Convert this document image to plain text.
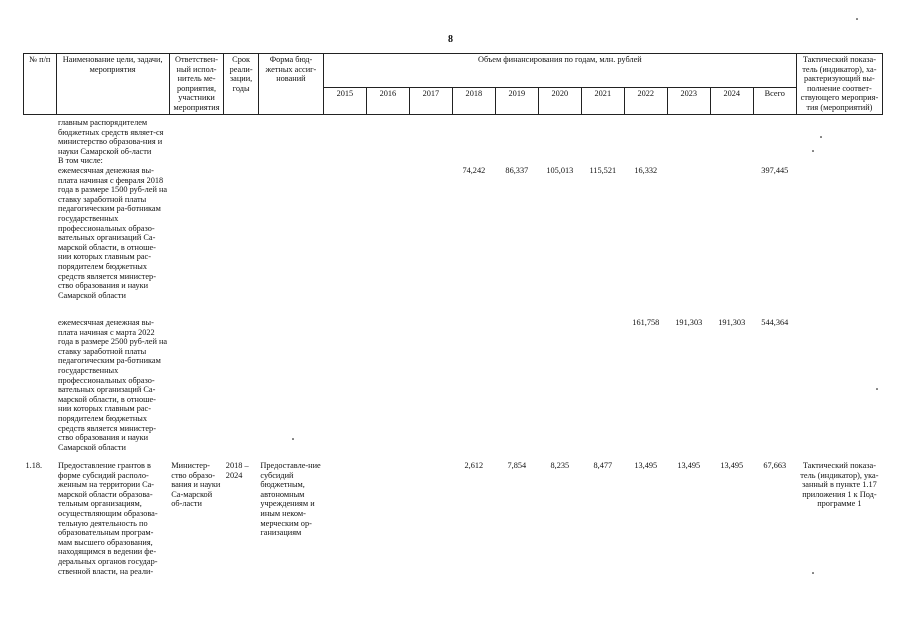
8
№ п/п	Наименование цели, задачи, мероприятия	Ответствен-ный испол-нитель ме-роприятия, участники мероприятия	Срок реали-зации, годы	Форма бюд-жетных ассиг-нований	Объем финансирования по годам, млн. рублей											Тактический показа-тель (индикатор), ха-рактеризующий вы-полнение соответ-ствующего мероприя-тия (мероприятий)
					2015	2016	2017	2018	2019	2020	2021	2022	2023	2024	Всего	

	главным распорядителем бюджетных средств являет-ся министерство образова-ния и науки Самарской об-ласти															
	В том числе:															
	ежемесячная денежная вы-плата начиная с февраля 2018 года в размере 1500 руб-лей на ставку заработной платы педагогическим ра-ботникам государственных профессиональных образо-вательных организаций Са-марской области, в отноше-нии которых главным рас-порядителем бюджетных средств является министер-ство образования и науки Самарской области							74,242	86,337	105,013	115,521	16,332			397,445	
	ежемесячная денежная вы-плата начиная с марта 2022 года в размере 2500 руб-лей на ставку заработной платы педагогическим ра-ботникам государственных профессиональных образо-вательных организаций Са-марской области, в отноше-нии которых главным рас-порядителем бюджетных средств является министер-ство образования и науки Самарской области											161,758	191,303	191,303	544,364	
1.18.	Предоставление грантов в форме субсидий располо-женным на территории Са-марской области образова-тельным организациям, осуществляющим образова-тельную деятельность по образовательным програм-мам высшего образования, находящимся в ведении фе-деральных органов государ-ственной власти, на реали-	Министер-ство образо-вания и науки Са-марской об-ласти	2018 – 2024	Предоставле-ние субсидий бюджетным, автономным учреждениям и иным неком-мерческим ор-ганизациям				2,612	7,854	8,235	8,477	13,495	13,495	13,495	67,663	Тактический показа-тель (индикатор), ука-занный в пункте 1.17 приложения 1 к Под-программе 1
